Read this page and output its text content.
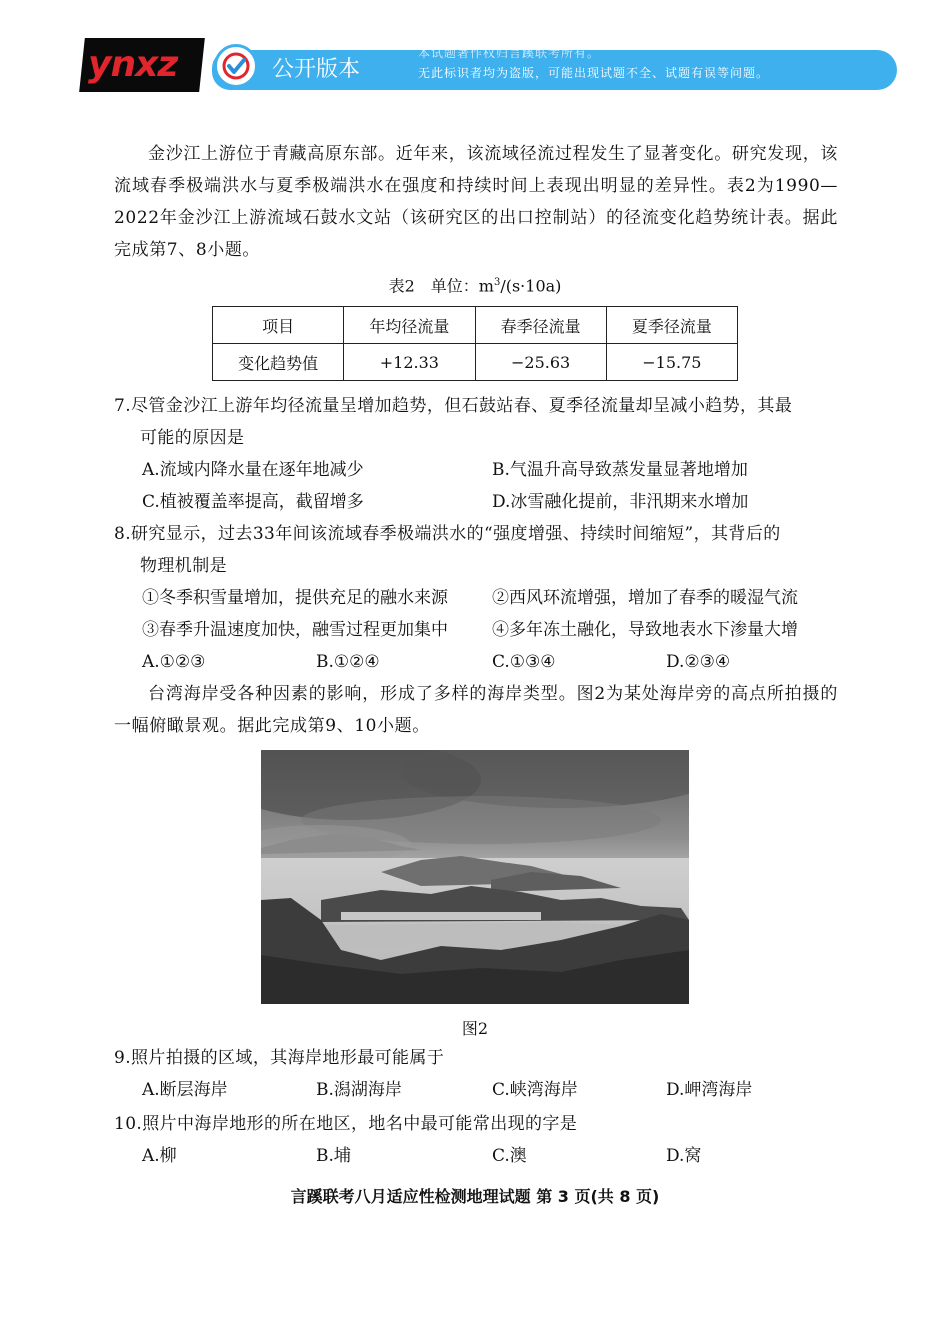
ynxz	公开版本
本试题著作权归言蹊联考所有。
无此标识者均为盗版，可能出现试题不全、试题有误等问题。
金沙江上游位于青藏高原东部。近年来，该流域径流过程发生了显著变化。研究发现，该流域春季极端洪水与夏季极端洪水在强度和持续时间上表现出明显的差异性。表2为1990—2022年金沙江上游流域石鼓水文站（该研究区的出口控制站）的径流变化趋势统计表。据此完成第7、8小题。
表2　单位：$m^3/(s\cdot 10a)$
项目	年均径流量	春季径流量	夏季径流量
变化趋势值	+12.33	−25.63	−15.75
7.尽管金沙江上游年均径流量呈增加趋势，但石鼓站春、夏季径流量却呈减小趋势，其最
可能的原因是
A.流域内降水量在逐年地减少	B.气温升高导致蒸发量显著地增加
C.植被覆盖率提高，截留增多	D.冰雪融化提前，非汛期来水增加
8.研究显示，过去33年间该流域春季极端洪水的“强度增强、持续时间缩短”，其背后的
物理机制是
①冬季积雪量增加，提供充足的融水来源	②西风环流增强，增加了春季的暖湿气流
③春季升温速度加快，融雪过程更加集中	④多年冻土融化，导致地表水下渗量大增
A.①②③	B.①②④	C.①③④	D.②③④
台湾海岸受各种因素的影响，形成了多样的海岸类型。图2为某处海岸旁的高点所拍摄的一幅俯瞰景观。据此完成第9、10小题。
图2
9.照片拍摄的区域，其海岸地形最可能属于
A.断层海岸	B.潟湖海岸	C.峡湾海岸	D.岬湾海岸
10.照片中海岸地形的所在地区，地名中最可能常出现的字是
A.柳	B.埔	C.澳	D.窝
言蹊联考八月适应性检测地理试题 第 3 页(共 8 页)
